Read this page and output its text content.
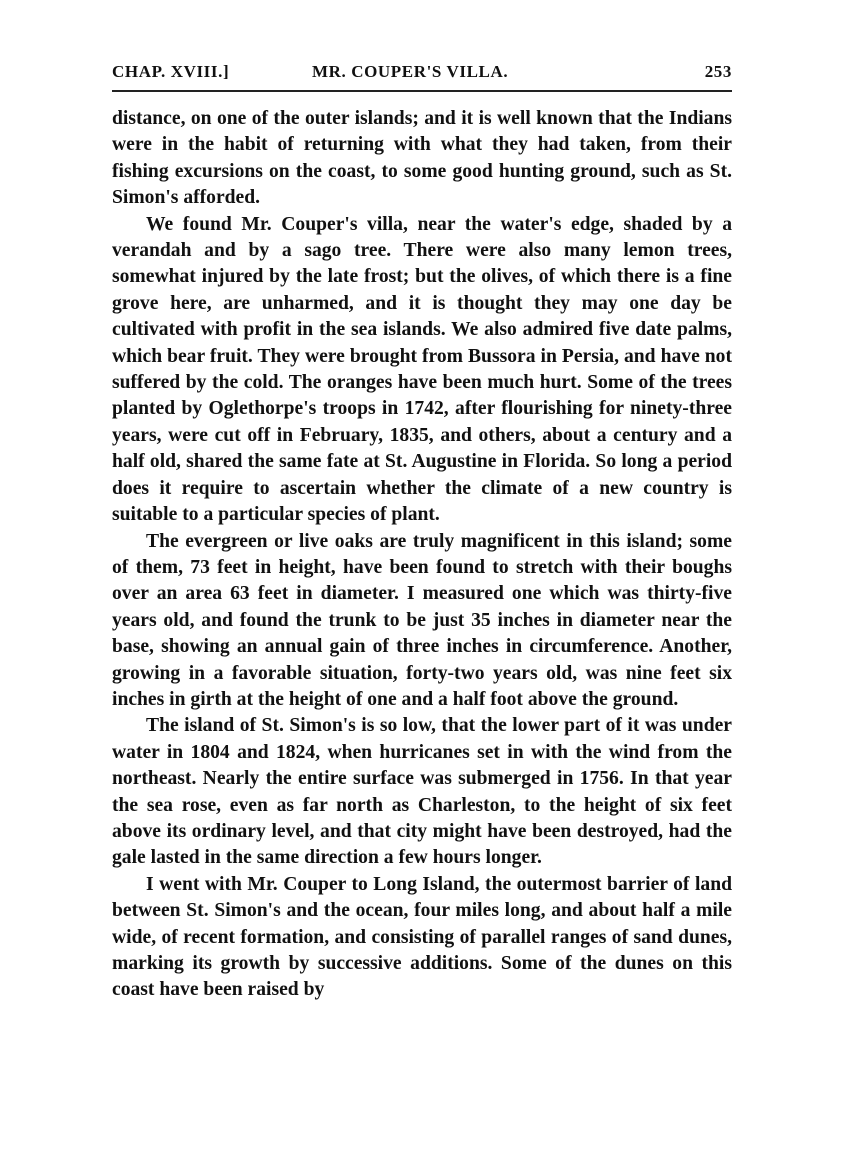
CHAP. XVIII.]	MR. COUPER'S VILLA.	253

distance, on one of the outer islands; and it is well known that the Indians were in the habit of returning with what they had taken, from their fishing excursions on the coast, to some good hunting ground, such as St. Simon's afforded.

We found Mr. Couper's villa, near the water's edge, shaded by a verandah and by a sago tree. There were also many lemon trees, somewhat injured by the late frost; but the olives, of which there is a fine grove here, are unharmed, and it is thought they may one day be cultivated with profit in the sea islands. We also admired five date palms, which bear fruit. They were brought from Bussora in Persia, and have not suffered by the cold. The oranges have been much hurt. Some of the trees planted by Oglethorpe's troops in 1742, after flourishing for ninety-three years, were cut off in February, 1835, and others, about a century and a half old, shared the same fate at St. Augustine in Florida. So long a period does it require to ascertain whether the climate of a new country is suitable to a particular species of plant.

The evergreen or live oaks are truly magnificent in this island; some of them, 73 feet in height, have been found to stretch with their boughs over an area 63 feet in diameter. I measured one which was thirty-five years old, and found the trunk to be just 35 inches in diameter near the base, showing an annual gain of three inches in circumference. Another, growing in a favorable situation, forty-two years old, was nine feet six inches in girth at the height of one and a half foot above the ground.

The island of St. Simon's is so low, that the lower part of it was under water in 1804 and 1824, when hurricanes set in with the wind from the northeast. Nearly the entire surface was submerged in 1756. In that year the sea rose, even as far north as Charleston, to the height of six feet above its ordinary level, and that city might have been destroyed, had the gale lasted in the same direction a few hours longer.

I went with Mr. Couper to Long Island, the outermost barrier of land between St. Simon's and the ocean, four miles long, and about half a mile wide, of recent formation, and consisting of parallel ranges of sand dunes, marking its growth by successive additions. Some of the dunes on this coast have been raised by
